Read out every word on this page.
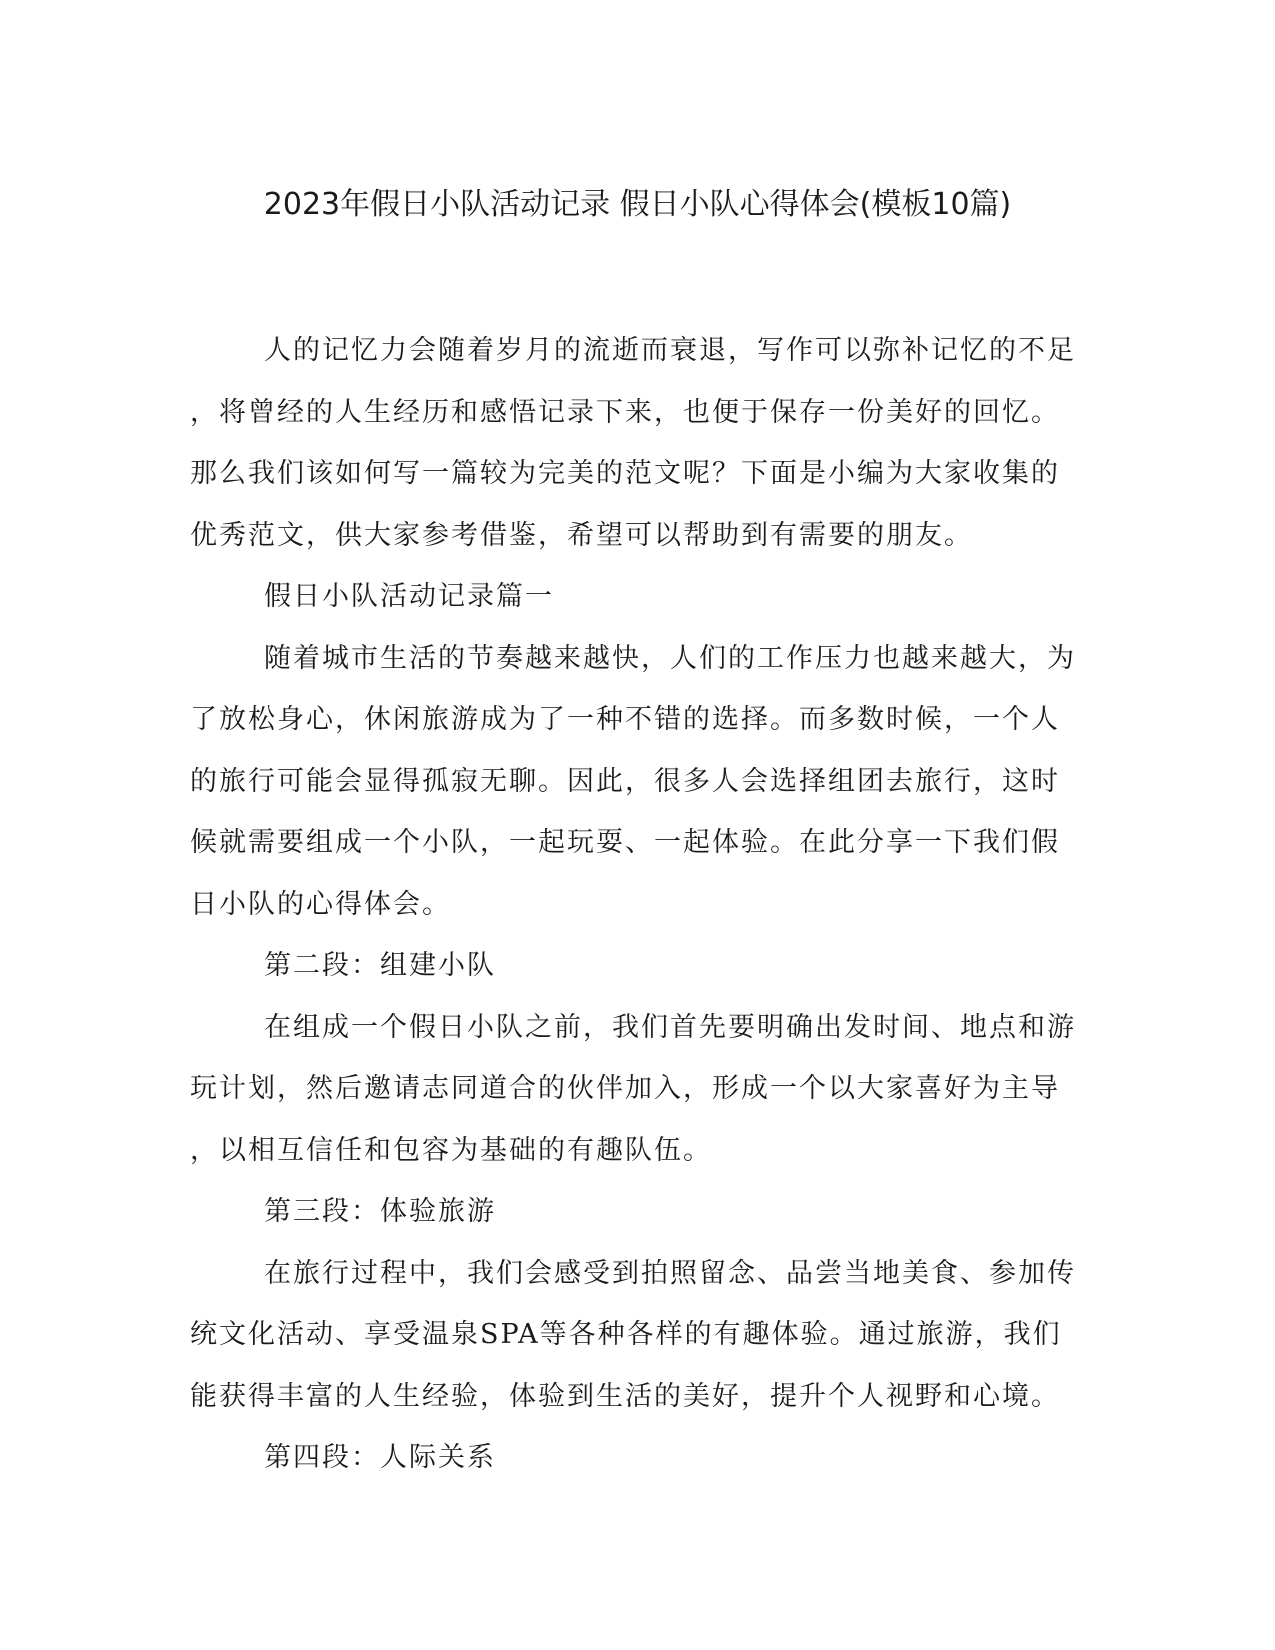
2023年假日小队活动记录 假日小队心得体会(模板10篇)
人的记忆力会随着岁月的流逝而衰退，写作可以弥补记忆的不足
，将曾经的人生经历和感悟记录下来，也便于保存一份美好的回忆。
那么我们该如何写一篇较为完美的范文呢？下面是小编为大家收集的
优秀范文，供大家参考借鉴，希望可以帮助到有需要的朋友。
假日小队活动记录篇一
随着城市生活的节奏越来越快，人们的工作压力也越来越大，为
了放松身心，休闲旅游成为了一种不错的选择。而多数时候，一个人
的旅行可能会显得孤寂无聊。因此，很多人会选择组团去旅行，这时
候就需要组成一个小队，一起玩耍、一起体验。在此分享一下我们假
日小队的心得体会。
第二段：组建小队
在组成一个假日小队之前，我们首先要明确出发时间、地点和游
玩计划，然后邀请志同道合的伙伴加入，形成一个以大家喜好为主导
，以相互信任和包容为基础的有趣队伍。
第三段：体验旅游
在旅行过程中，我们会感受到拍照留念、品尝当地美食、参加传
统文化活动、享受温泉SPA等各种各样的有趣体验。通过旅游，我们
能获得丰富的人生经验，体验到生活的美好，提升个人视野和心境。
第四段：人际关系
